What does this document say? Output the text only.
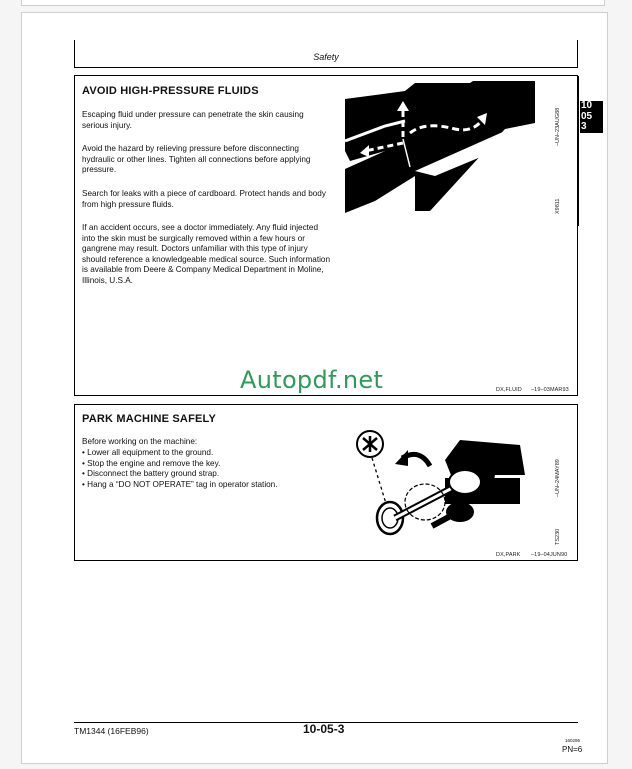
Safety
10
05
3
AVOID HIGH-PRESSURE FLUIDS

Escaping fluid under pressure can penetrate the skin causing serious injury.

Avoid the hazard by relieving pressure before disconnecting hydraulic or other lines. Tighten all connections before applying pressure.

Search for leaks with a piece of cardboard. Protect hands and body from high pressure fluids.

If an accident occurs, see a doctor immediately. Any fluid injected into the skin must be surgically removed within a few hours or gangrene may result. Doctors unfamiliar with this type of injury should reference a knowledgeable medical source. Such information is available from Deere & Company Medical Department in Moline, Illinois, U.S.A.

–UN–23AUG88
X9811
DX,FLUID –19–03MAR93
Autopdf.net
PARK MACHINE SAFELY

Before working on the machine:

• Lower all equipment to the ground.
• Stop the engine and remove the key.
• Disconnect the battery ground strap.
• Hang a “DO NOT OPERATE” tag in operator station.	–UN–24MAY89
TS230
DX,PARK –19–04JUN90
TM1344 (16FEB96)	10-05-3
160296
PN=6
